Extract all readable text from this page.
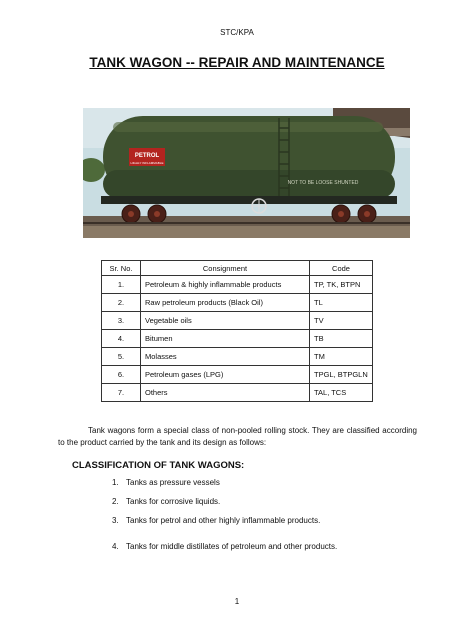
STC/KPA
TANK WAGON -- REPAIR AND MAINTENANCE
PETROL
HIGHLY INFLAMMABLE
NOT TO BE LOOSE SHUNTED
Sr. No.	Consignment	Code
1.	Petroleum & highly inflammable products	TP, TK, BTPN
2.	Raw petroleum products (Black Oil)	TL
3.	Vegetable oils	TV
4.	Bitumen	TB
5.	Molasses	TM
6.	Petroleum gases (LPG)	TPGL, BTPGLN
7.	Others	TAL, TCS
Tank wagons form a special class of non-pooled rolling stock. They are classified according to the product carried by the tank and its design as follows:
CLASSIFICATION OF TANK WAGONS:
1. Tanks as pressure vessels
2. Tanks for corrosive liquids.
3. Tanks for petrol and other highly inflammable products.
4. Tanks for middle distillates of petroleum and other products.
1
